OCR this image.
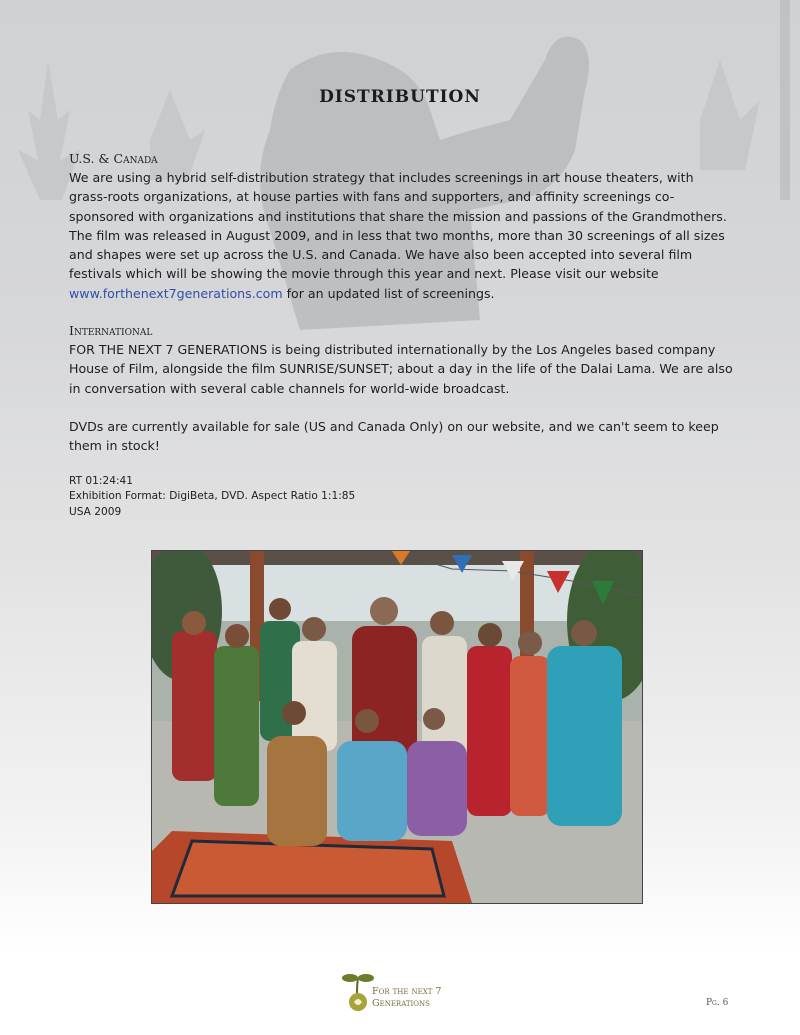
DISTRIBUTION

U.S. & Canada

We are using a hybrid self-distribution strategy that includes screenings in art house theaters, with grass-roots organizations, at house parties with fans and supporters, and affinity screenings co-sponsored with organizations and institutions that share the mission and passions of the Grandmothers. The film was released in August 2009, and in less that two months, more than 30 screenings of all sizes and shapes were set up across the U.S. and Canada. We have also been accepted into several film festivals which will be showing the movie through this year and next. Please visit our website www.forthenext7generations.com for an updated list of screenings.

International

FOR THE NEXT 7 GENERATIONS is being distributed internationally by the Los Angeles based company House of Film, alongside the film SUNRISE/SUNSET; about a day in the life of the Dalai Lama. We are also in conversation with several cable channels for world-wide broadcast.

DVDs are currently available for sale (US and Canada Only) on our website, and we can't seem to keep them in stock!

RT 01:24:41
Exhibition Format: DigiBeta, DVD. Aspect Ratio 1:1:85
USA 2009
For the next 7
Generations	Pg. 6
